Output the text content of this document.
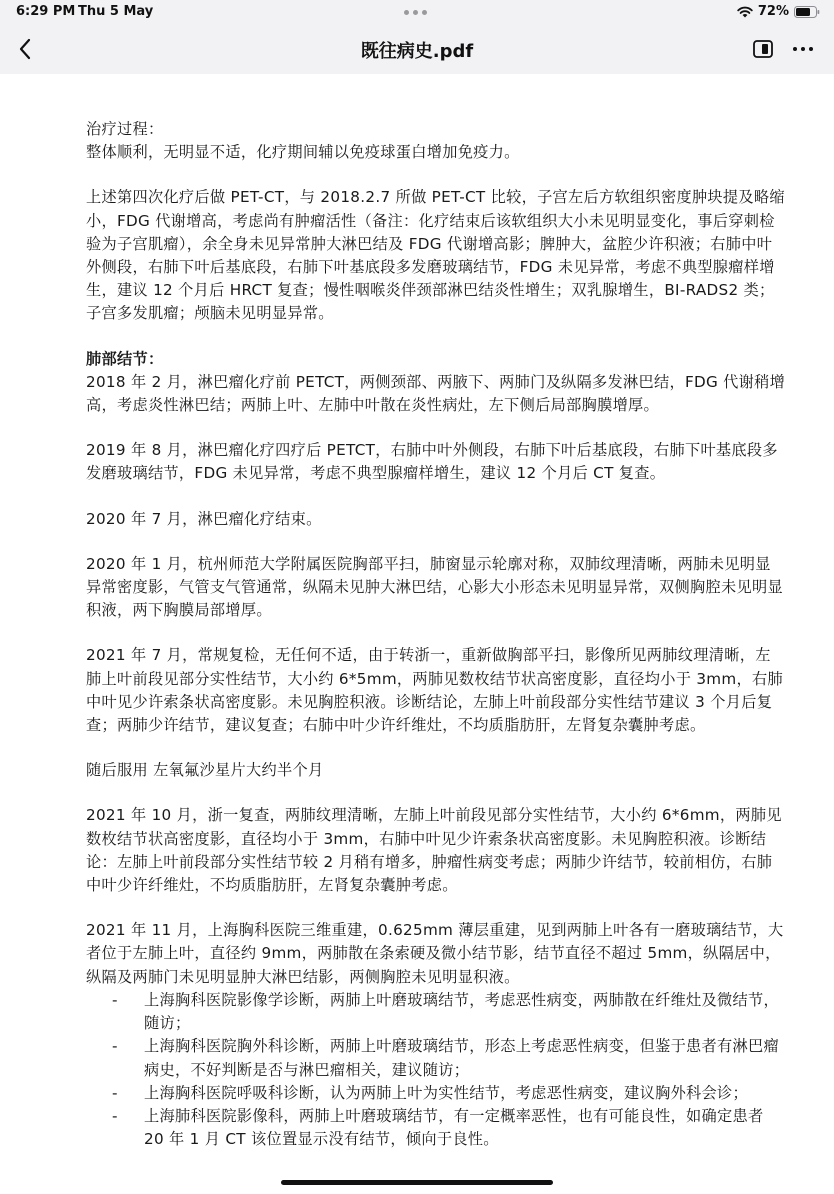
6:29 PM Thu 5 May	72%
既往病史.pdf

治疗过程：

整体顺利，无明显不适，化疗期间辅以免疫球蛋白增加免疫力。

上述第四次化疗后做 PET-CT，与 2018.2.7 所做 PET-CT 比较，子宫左后方软组织密度肿块提及略缩小，FDG 代谢增高，考虑尚有肿瘤活性（备注：化疗结束后该软组织大小未见明显变化，事后穿刺检验为子宫肌瘤），余全身未见异常肿大淋巴结及 FDG 代谢增高影；脾肿大，盆腔少许积液；右肺中叶外侧段，右肺下叶后基底段，右肺下叶基底段多发磨玻璃结节，FDG 未见异常，考虑不典型腺瘤样增生，建议 12 个月后 HRCT 复查；慢性咽喉炎伴颈部淋巴结炎性增生；双乳腺增生，BI-RADS2 类；子宫多发肌瘤；颅脑未见明显异常。

肺部结节：

2018 年 2 月，淋巴瘤化疗前 PETCT，两侧颈部、两腋下、两肺门及纵隔多发淋巴结，FDG 代谢稍增高，考虑炎性淋巴结；两肺上叶、左肺中叶散在炎性病灶，左下侧后局部胸膜增厚。

2019 年 8 月，淋巴瘤化疗四疗后 PETCT，右肺中叶外侧段，右肺下叶后基底段，右肺下叶基底段多发磨玻璃结节，FDG 未见异常，考虑不典型腺瘤样增生，建议 12 个月后 CT 复查。

2020 年 7 月，淋巴瘤化疗结束。

2020 年 1 月，杭州师范大学附属医院胸部平扫，肺窗显示轮廓对称，双肺纹理清晰，两肺未见明显异常密度影，气管支气管通常，纵隔未见肿大淋巴结，心影大小形态未见明显异常，双侧胸腔未见明显积液，两下胸膜局部增厚。

2021 年 7 月，常规复检，无任何不适，由于转浙一，重新做胸部平扫，影像所见两肺纹理清晰，左肺上叶前段见部分实性结节，大小约 6*5mm，两肺见数枚结节状高密度影，直径均小于 3mm，右肺中叶见少许索条状高密度影。未见胸腔积液。诊断结论，左肺上叶前段部分实性结节建议 3 个月后复查；两肺少许结节，建议复查；右肺中叶少许纤维灶，不均质脂肪肝，左肾复杂囊肿考虑。

随后服用 左氧氟沙星片大约半个月

2021 年 10 月，浙一复查，两肺纹理清晰，左肺上叶前段见部分实性结节，大小约 6*6mm，两肺见数枚结节状高密度影，直径均小于 3mm，右肺中叶见少许索条状高密度影。未见胸腔积液。诊断结论：左肺上叶前段部分实性结节较 2 月稍有增多，肿瘤性病变考虑；两肺少许结节，较前相仿，右肺中叶少许纤维灶，不均质脂肪肝，左肾复杂囊肿考虑。

2021 年 11 月，上海胸科医院三维重建，0.625mm 薄层重建，见到两肺上叶各有一磨玻璃结节，大者位于左肺上叶，直径约 9mm，两肺散在条索硬及微小结节影，结节直径不超过 5mm，纵隔居中，纵隔及两肺门未见明显肿大淋巴结影，两侧胸腔未见明显积液。

- 上海胸科医院影像学诊断，两肺上叶磨玻璃结节，考虑恶性病变，两肺散在纤维灶及微结节，随访；
- 上海胸科医院胸外科诊断，两肺上叶磨玻璃结节，形态上考虑恶性病变，但鉴于患者有淋巴瘤病史，不好判断是否与淋巴瘤相关，建议随访；
- 上海胸科医院呼吸科诊断，认为两肺上叶为实性结节，考虑恶性病变，建议胸外科会诊；
- 上海肺科医院影像科，两肺上叶磨玻璃结节，有一定概率恶性，也有可能良性，如确定患者 20 年 1 月 CT 该位置显示没有结节，倾向于良性。
